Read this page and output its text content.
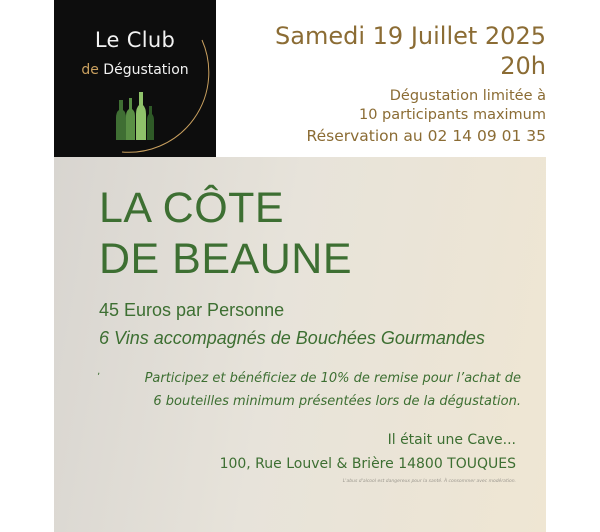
Le Club
de Dégustation
Samedi 19 Juillet 2025
20h
Dégustation limitée à
10 participants maximum
Réservation au 02 14 09 01 35
LA CÔTE
DE BEAUNE
45 Euros par Personne
6 Vins accompagnés de Bouchées Gourmandes
ʼ	Participez et bénéficiez de 10% de remise pour l’achat de
6 bouteilles minimum présentées lors de la dégustation.
Il était une Cave...
100, Rue Louvel & Brière 14800 TOUQUES
L'abus d'alcool est dangereux pour la santé. À consommer avec modération.
